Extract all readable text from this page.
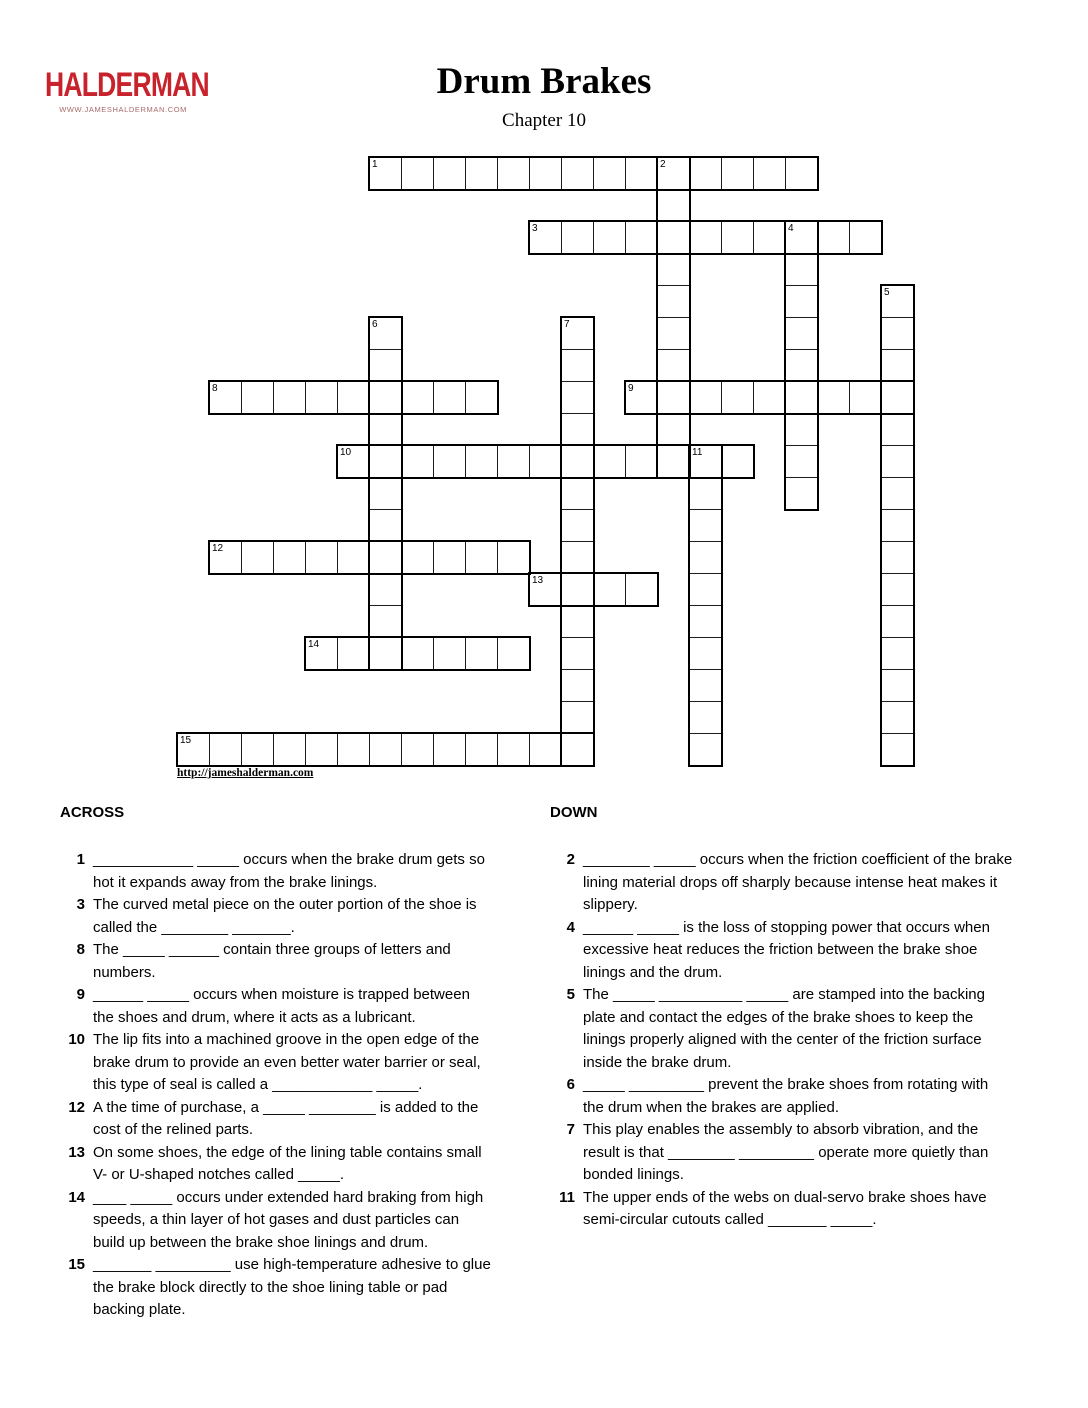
HALDERMAN
WWW.JAMESHALDERMAN.COM
Drum Brakes
Chapter 10
1	2
3	4
5
6	7
8	9
10	11
12
13
14
15
http://jameshalderman.com
ACROSS
1 ____________ _____ occurs when the brake drum gets so hot it expands away from the brake linings.
3 The curved metal piece on the outer portion of the shoe is called the ________ _______.
8 The _____ ______ contain three groups of letters and numbers.
9 ______ _____ occurs when moisture is trapped between the shoes and drum, where it acts as a lubricant.
10 The lip fits into a machined groove in the open edge of the brake drum to provide an even better water barrier or seal, this type of seal is called a ____________ _____.
12 A the time of purchase, a _____ ________ is added to the cost of the relined parts.
13 On some shoes, the edge of the lining table contains small V- or U-shaped notches called _____.
14 ____ _____ occurs under extended hard braking from high speeds, a thin layer of hot gases and dust particles can build up between the brake shoe linings and drum.
15 _______ _________ use high-temperature adhesive to glue the brake block directly to the shoe lining table or pad backing plate.
DOWN
2 ________ _____ occurs when the friction coefficient of the brake lining material drops off sharply because intense heat makes it slippery.
4 ______ _____ is the loss of stopping power that occurs when excessive heat reduces the friction between the brake shoe linings and the drum.
5 The _____ __________ _____ are stamped into the backing plate and contact the edges of the brake shoes to keep the linings properly aligned with the center of the friction surface inside the brake drum.
6 _____ _________ prevent the brake shoes from rotating with the drum when the brakes are applied.
7 This play enables the assembly to absorb vibration, and the result is that ________ _________ operate more quietly than bonded linings.
11 The upper ends of the webs on dual-servo brake shoes have semi-circular cutouts called _______ _____.
